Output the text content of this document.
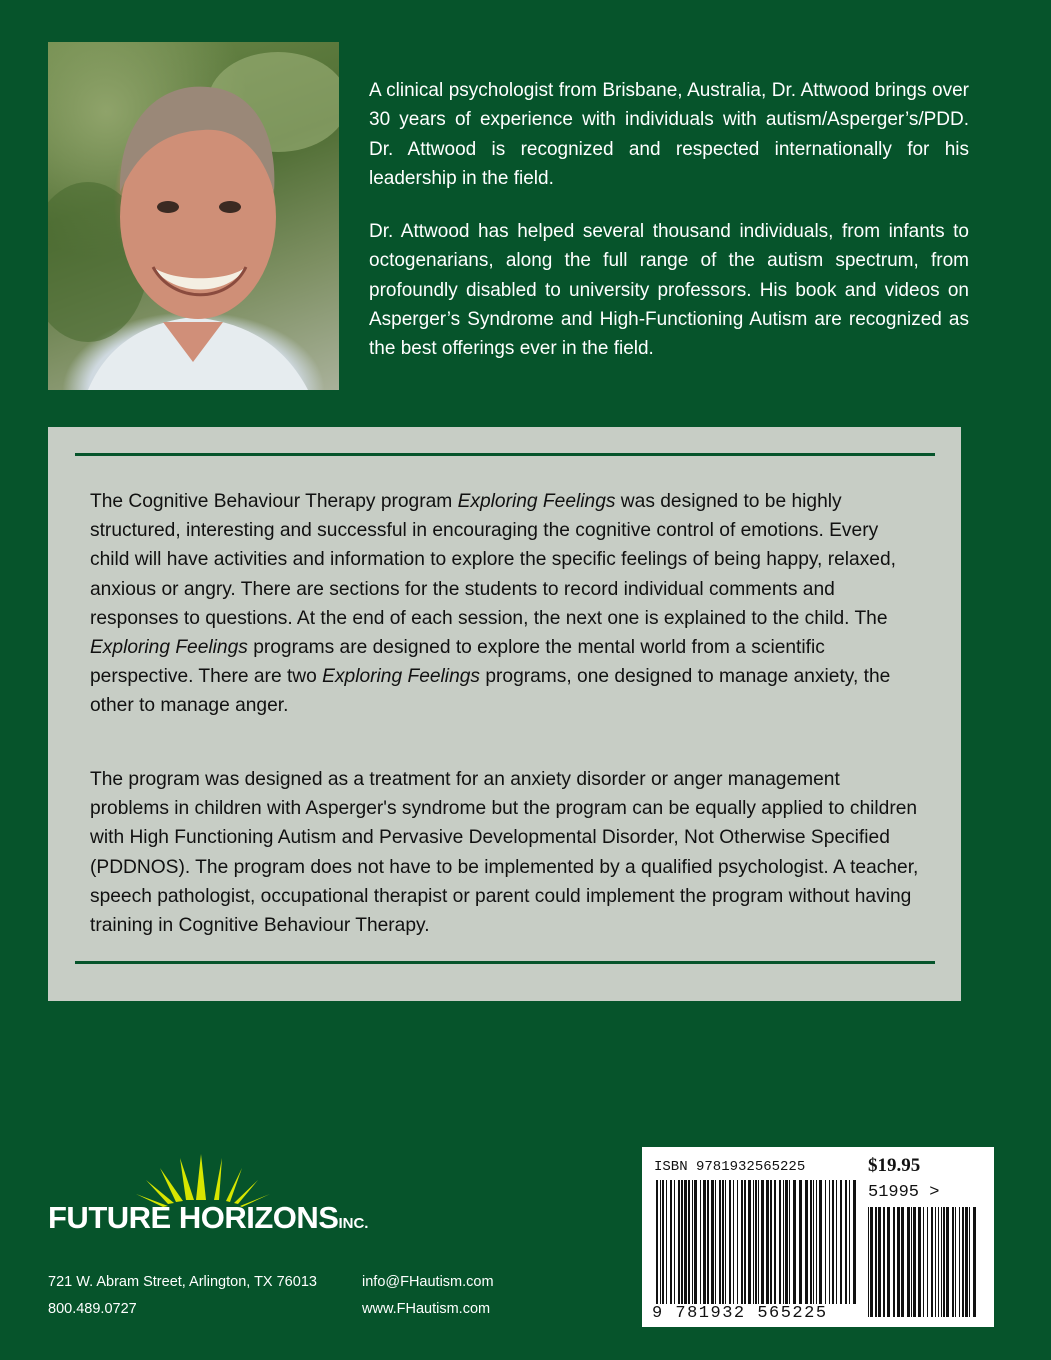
A clinical psychologist from Brisbane, Australia, Dr. Attwood brings over 30 years of experience with individuals with autism/Asperger’s/PDD. Dr. Attwood is recognized and respected internationally for his leadership in the field.

Dr. Attwood has helped several thousand individuals, from infants to octogenarians, along the full range of the autism spectrum, from profoundly disabled to university professors. His book and videos on Asperger’s Syndrome and High-Functioning Autism are recognized as the best offerings ever in the field.

The Cognitive Behaviour Therapy program Exploring Feelings was designed to be highly structured, interesting and successful in encouraging the cognitive control of emotions. Every child will have activities and information to explore the specific feelings of being happy, relaxed, anxious or angry. There are sections for the students to record individual comments and responses to questions. At the end of each session, the next one is explained to the child. The Exploring Feelings programs are designed to explore the mental world from a scientific perspective. There are two Exploring Feelings programs, one designed to manage anxiety, the other to manage anger.

The program was designed as a treatment for an anxiety disorder or anger management problems in children with Asperger's syndrome but the program can be equally applied to children with High Functioning Autism and Pervasive Developmental Disorder, Not Otherwise Specified (PDDNOS). The program does not have to be implemented by a qualified psychologist. A teacher, speech pathologist, occupational therapist or parent could implement the program without having training in Cognitive Behaviour Therapy.

FUTURE HORIZONSINC.
721 W. Abram Street, Arlington, TX 76013
800.489.0727
info@FHautism.com
www.FHautism.com
ISBN 9781932565225	$19.95
51995 >
9 781932 565225
